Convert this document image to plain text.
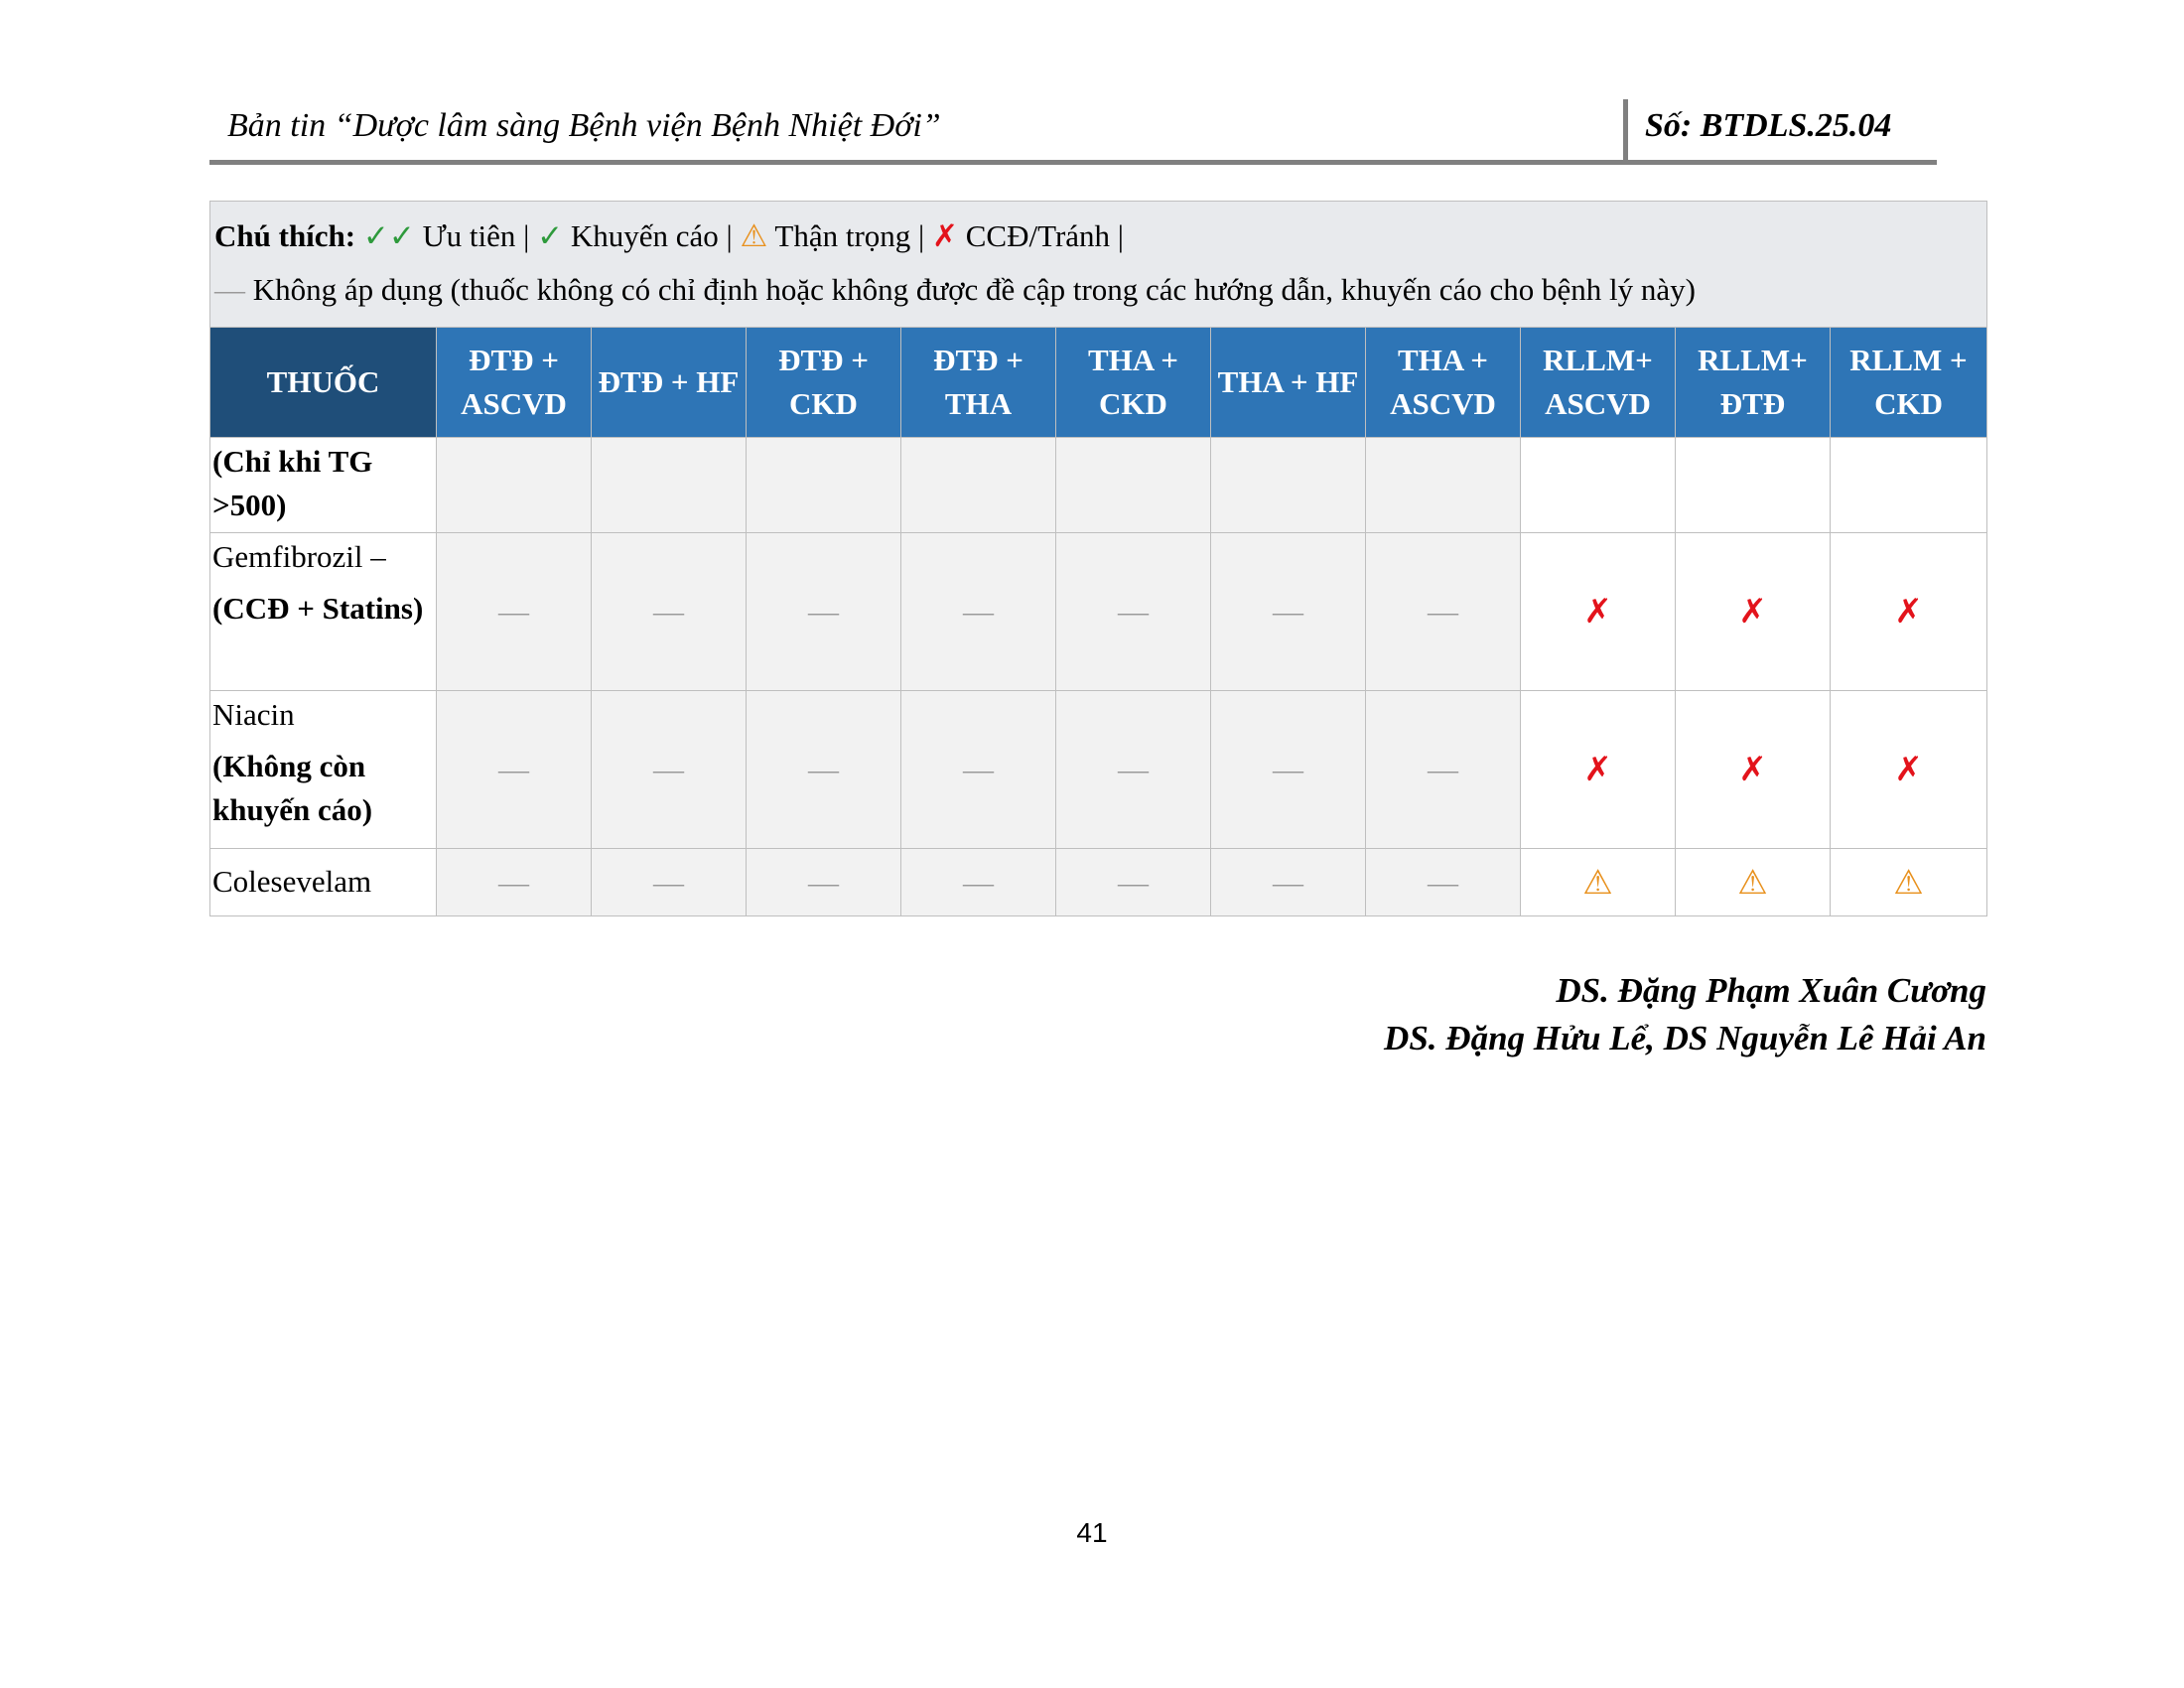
Bản tin “Dược lâm sàng Bệnh viện Bệnh Nhiệt Đới”	Số: BTDLS.25.04
Chú thích: ✓✓ Ưu tiên | ✓ Khuyến cáo | ⚠ Thận trọng | ✗ CCĐ/Tránh |
— Không áp dụng (thuốc không có chỉ định hoặc không được đề cập trong các hướng dẫn, khuyến cáo cho bệnh lý này)										

THUỐC	ĐTĐ + ASCVD	ĐTĐ + HF	ĐTĐ + CKD	ĐTĐ + THA	THA + CKD	THA + HF	THA + ASCVD	RLLM+ ASCVD	RLLM+ ĐTĐ	RLLM + CKD
(Chỉ khi TG >500)										

Gemfibrozil –
(CCĐ + Statins)	—	—	—	—	—	—	—	✗	✗	✗

Niacin
(Không còn khuyến cáo)	—	—	—	—	—	—	—	✗	✗	✗

Colesevelam	—	—	—	—	—	—	—	⚠	⚠	⚠
DS. Đặng Phạm Xuân Cương
DS. Đặng Hửu Lể, DS Nguyễn Lê Hải An
41
